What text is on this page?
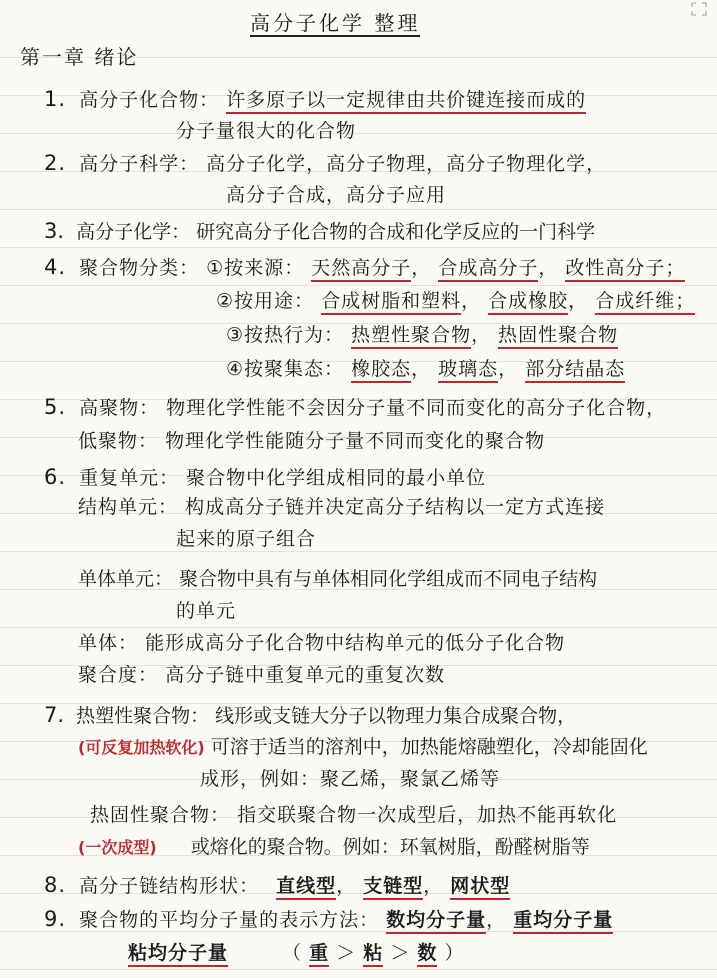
高分子化学 整理
第一章 绪论
1. 高分子化合物： 许多原子以一定规律由共价键连接而成的
分子量很大的化合物
2. 高分子科学： 高分子化学，高分子物理，高分子物理化学，
高分子合成，高分子应用
3. 高分子化学： 研究高分子化合物的合成和化学反应的一门科学
4. 聚合物分类： ①按来源： 天然高分子， 合成高分子， 改性高分子；
②按用途： 合成树脂和塑料， 合成橡胶， 合成纤维；
③按热行为： 热塑性聚合物， 热固性聚合物
④按聚集态： 橡胶态， 玻璃态， 部分结晶态
5. 高聚物： 物理化学性能不会因分子量不同而变化的高分子化合物，
低聚物： 物理化学性能随分子量不同而变化的聚合物
6. 重复单元： 聚合物中化学组成相同的最小单位
结构单元： 构成高分子链并决定高分子结构以一定方式连接
起来的原子组合
单体单元： 聚合物中具有与单体相同化学组成而不同电子结构
的单元
单体： 能形成高分子化合物中结构单元的低分子化合物
聚合度： 高分子链中重复单元的重复次数
7. 热塑性聚合物： 线形或支链大分子以物理力集合成聚合物，
(可反复加热软化) 可溶于适当的溶剂中，加热能熔融塑化，冷却能固化
成形，例如：聚乙烯，聚氯乙烯等
热固性聚合物： 指交联聚合物一次成型后，加热不能再软化
(一次成型) 或熔化的聚合物。例如：环氧树脂，酚醛树脂等
8. 高分子链结构形状： 直线型， 支链型， 网状型
9. 聚合物的平均分子量的表示方法： 数均分子量， 重均分子量
粘均分子量	（ 重 ＞ 粘 ＞ 数 ）
